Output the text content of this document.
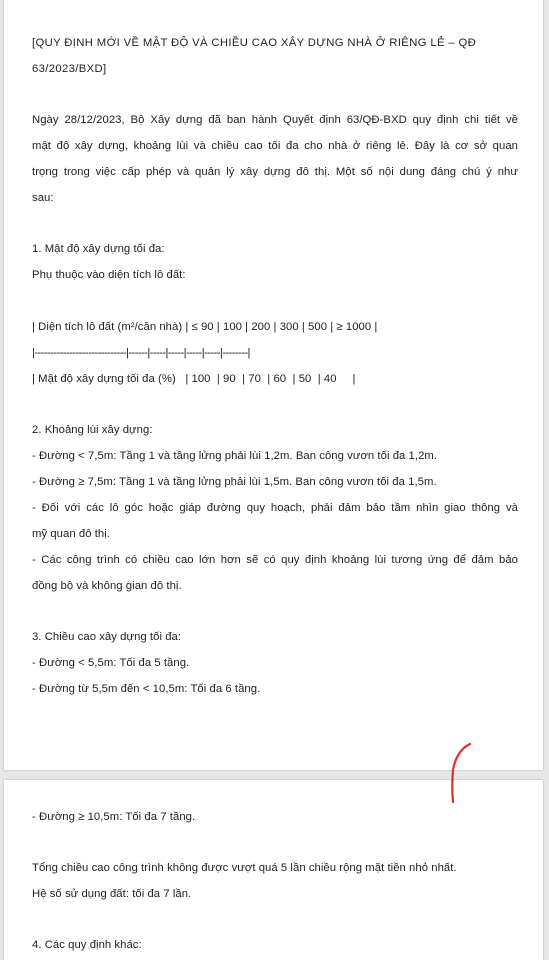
[QUY ĐỊNH MỚI VỀ MẬT ĐỘ VÀ CHIỀU CAO XÂY DỰNG NHÀ Ở RIÊNG LẺ – QĐ
63/2023/BXD]
Ngày 28/12/2023, Bộ Xây dựng đã ban hành Quyết định 63/QĐ-BXD quy định chi tiết về
mật độ xây dựng, khoảng lùi và chiều cao tối đa cho nhà ở riêng lẻ. Đây là cơ sở quan
trọng trong việc cấp phép và quản lý xây dựng đô thị. Một số nội dung đáng chú ý như
sau:
1. Mật độ xây dựng tối đa:
Phụ thuộc vào diện tích lô đất:
| Diện tích lô đất (m²/căn nhà) | ≤ 90 | 100 | 200 | 300 | 500 | ≥ 1000 |
|-----------------------------|------|-----|-----|-----|-----|--------|
| Mật độ xây dựng tối đa (%)   | 100  | 90  | 70  | 60  | 50  | 40     |
2. Khoảng lùi xây dựng:
- Đường < 7,5m: Tầng 1 và tầng lửng phải lùi 1,2m. Ban công vươn tối đa 1,2m.
- Đường ≥ 7,5m: Tầng 1 và tầng lửng phải lùi 1,5m. Ban công vươn tối đa 1,5m.
- Đối với các lô góc hoặc giáp đường quy hoạch, phải đảm bảo tầm nhìn giao thông và
mỹ quan đô thị.
- Các công trình có chiều cao lớn hơn sẽ có quy định khoảng lùi tương ứng để đảm bảo
đồng bộ và không gian đô thị.
3. Chiều cao xây dựng tối đa:
- Đường < 5,5m: Tối đa 5 tầng.
- Đường từ 5,5m đến < 10,5m: Tối đa 6 tầng.
- Đường ≥ 10,5m: Tối đa 7 tầng.
Tổng chiều cao công trình không được vượt quá 5 lần chiều rộng mặt tiền nhỏ nhất.
Hệ số sử dụng đất: tối đa 7 lần.
4. Các quy định khác:
